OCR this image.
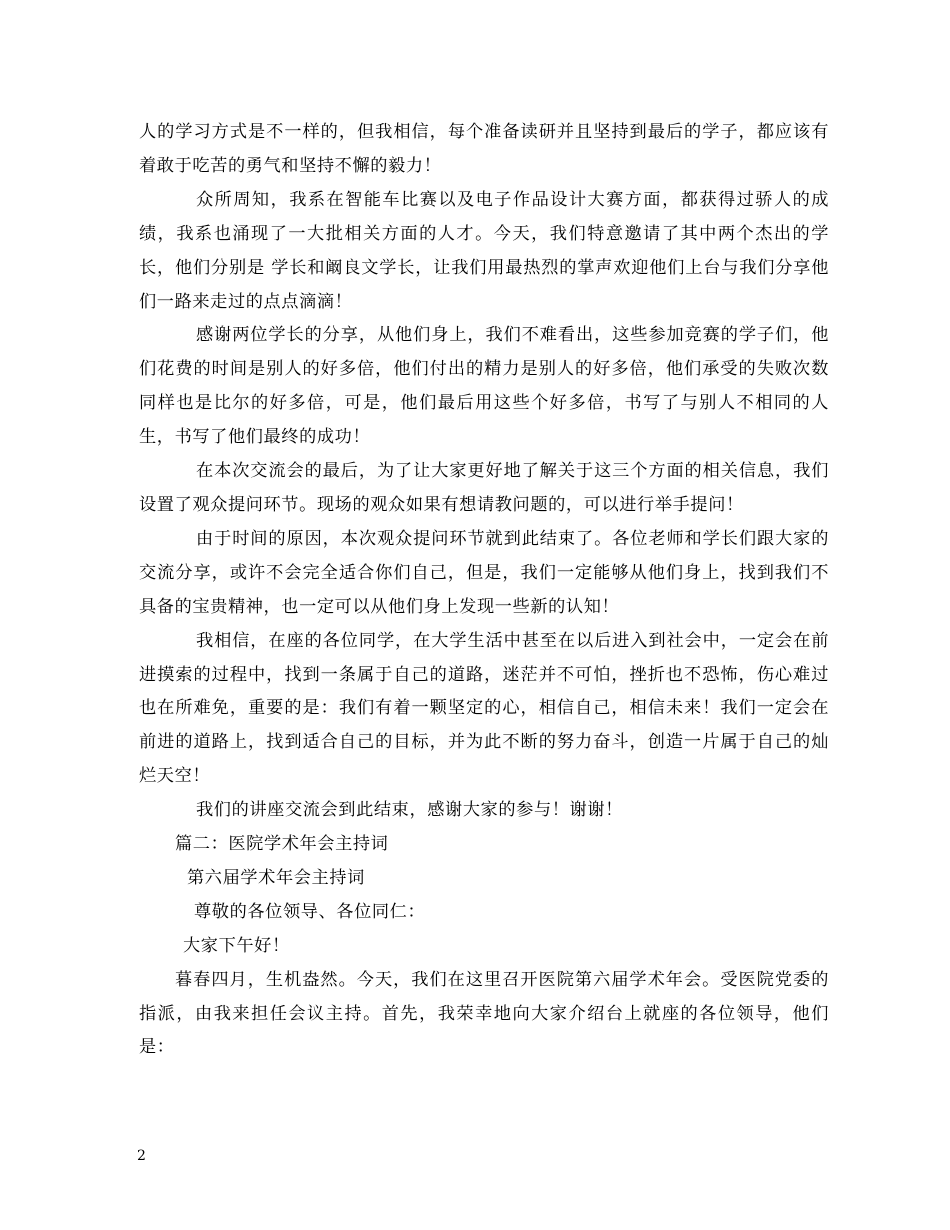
人的学习方式是不一样的，但我相信，每个准备读研并且坚持到最后的学子，都应该有着敢于吃苦的勇气和坚持不懈的毅力！

众所周知，我系在智能车比赛以及电子作品设计大赛方面，都获得过骄人的成绩，我系也涌现了一大批相关方面的人才。今天，我们特意邀请了其中两个杰出的学长，他们分别是 学长和阚良文学长，让我们用最热烈的掌声欢迎他们上台与我们分享他们一路来走过的点点滴滴！

感谢两位学长的分享，从他们身上，我们不难看出，这些参加竞赛的学子们，他们花费的时间是别人的好多倍，他们付出的精力是别人的好多倍，他们承受的失败次数同样也是比尔的好多倍，可是，他们最后用这些个好多倍，书写了与别人不相同的人生，书写了他们最终的成功！

在本次交流会的最后，为了让大家更好地了解关于这三个方面的相关信息，我们设置了观众提问环节。现场的观众如果有想请教问题的，可以进行举手提问！

由于时间的原因，本次观众提问环节就到此结束了。各位老师和学长们跟大家的交流分享，或许不会完全适合你们自己，但是，我们一定能够从他们身上，找到我们不具备的宝贵精神，也一定可以从他们身上发现一些新的认知！

我相信，在座的各位同学，在大学生活中甚至在以后进入到社会中，一定会在前进摸索的过程中，找到一条属于自己的道路，迷茫并不可怕，挫折也不恐怖，伤心难过也在所难免，重要的是：我们有着一颗坚定的心，相信自己，相信未来！我们一定会在前进的道路上，找到适合自己的目标，并为此不断的努力奋斗，创造一片属于自己的灿烂天空！

我们的讲座交流会到此结束，感谢大家的参与！谢谢！

篇二：医院学术年会主持词

第六届学术年会主持词

尊敬的各位领导、各位同仁：

大家下午好！

暮春四月，生机盎然。今天，我们在这里召开医院第六届学术年会。受医院党委的指派，由我来担任会议主持。首先，我荣幸地向大家介绍台上就座的各位领导，他们是：

2
